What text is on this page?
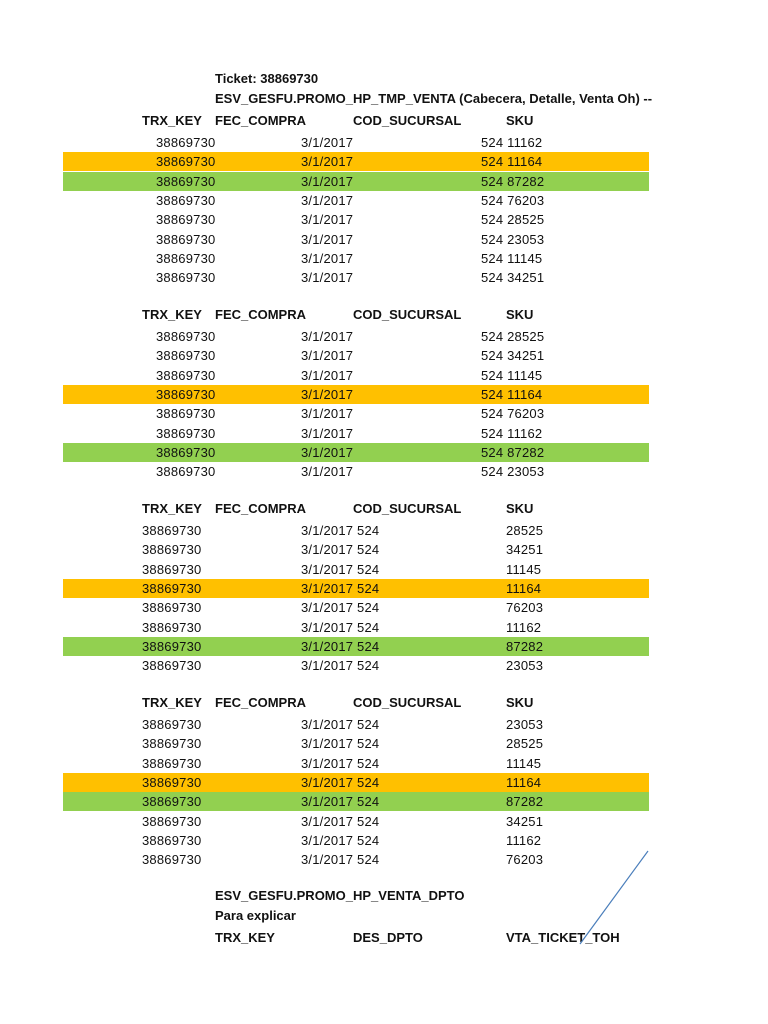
Ticket: 38869730
ESV_GESFU.PROMO_HP_TMP_VENTA (Cabecera, Detalle, Venta Oh) --
TRX_KEY FEC_COMPRA	COD_SUCURSAL	SKU
38869730	3/1/2017	524 11162
38869730	3/1/2017	524 11164
38869730	3/1/2017	524 87282
38869730	3/1/2017	524 76203
38869730	3/1/2017	524 28525
38869730	3/1/2017	524 23053
38869730	3/1/2017	524 11145
38869730	3/1/2017	524 34251
TRX_KEY FEC_COMPRA	COD_SUCURSAL	SKU
38869730	3/1/2017	524 28525
38869730	3/1/2017	524 34251
38869730	3/1/2017	524 11145
38869730	3/1/2017	524 11164
38869730	3/1/2017	524 76203
38869730	3/1/2017	524 11162
38869730	3/1/2017	524 87282
38869730	3/1/2017	524 23053
TRX_KEY FEC_COMPRA	COD_SUCURSAL	SKU
38869730	3/1/2017 524	28525
38869730	3/1/2017 524	34251
38869730	3/1/2017 524	11145
38869730	3/1/2017 524	11164
38869730	3/1/2017 524	76203
38869730	3/1/2017 524	11162
38869730	3/1/2017 524	87282
38869730	3/1/2017 524	23053
TRX_KEY FEC_COMPRA	COD_SUCURSAL	SKU
38869730	3/1/2017 524	23053
38869730	3/1/2017 524	28525
38869730	3/1/2017 524	11145
38869730	3/1/2017 524	11164
38869730	3/1/2017 524	87282
38869730	3/1/2017 524	34251
38869730	3/1/2017 524	11162
38869730	3/1/2017 524	76203
ESV_GESFU.PROMO_HP_VENTA_DPTO
Para explicar
TRX_KEY	DES_DPTO	VTA_TICKET_TOH
